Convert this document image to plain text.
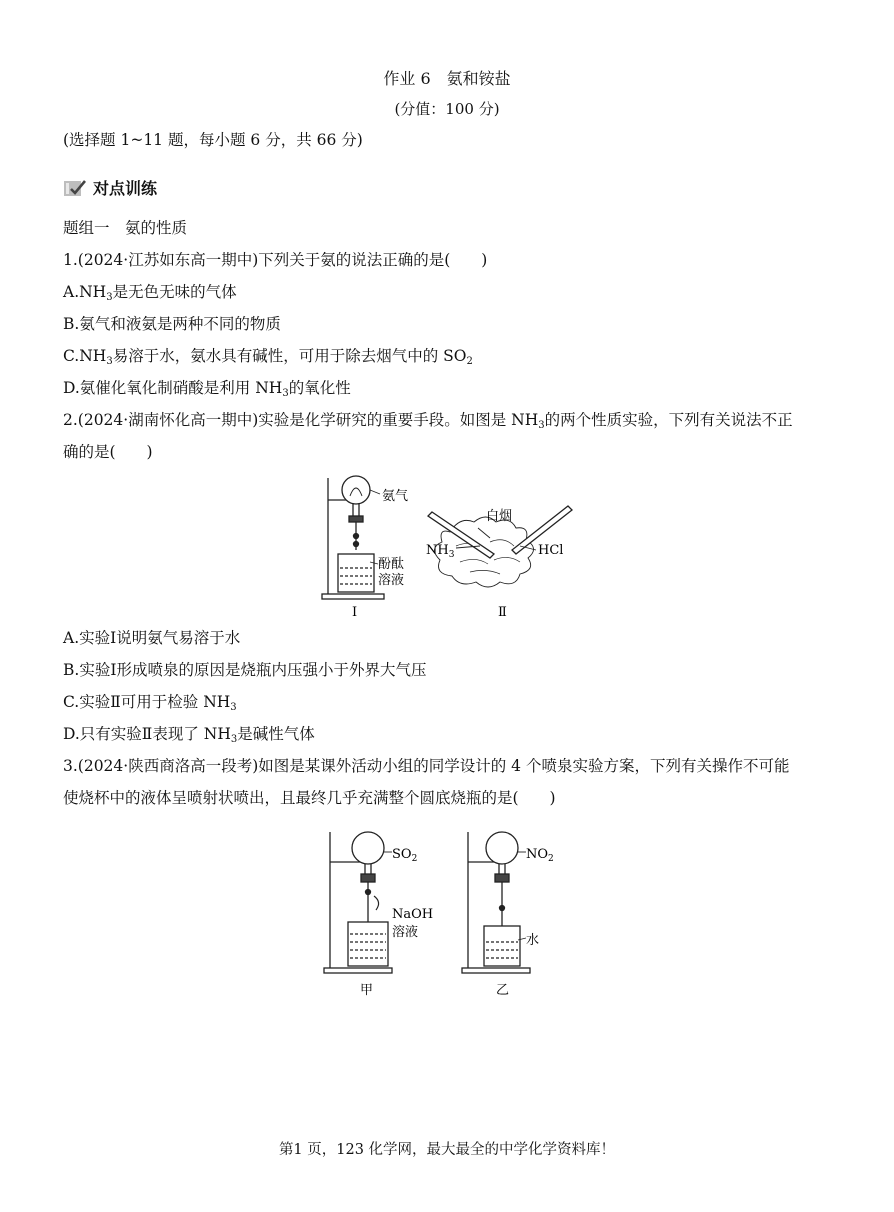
作业 6　氨和铵盐
(分值：100 分)
(选择题 1~11 题，每小题 6 分，共 66 分)
对点训练
题组一　氨的性质
1.(2024·江苏如东高一期中)下列关于氨的说法正确的是(　　)
$A.NH_3$是无色无味的气体
B.氨气和液氨是两种不同的物质
$C.NH_3$易溶于水，氨水具有碱性，可用于除去烟气中的 $SO_2$
D.氨催化氧化制硝酸是利用 $NH_3$的氧化性
2.(2024·湖南怀化高一期中)实验是化学研究的重要手段。如图是 $NH_3$的两个性质实验，下列有关说法不正
确的是(　　)
氨气
酚酞
溶液
Ⅰ
白烟
$NH_3$	HCl
Ⅱ
A.实验Ⅰ说明氨气易溶于水
B.实验Ⅰ形成喷泉的原因是烧瓶内压强小于外界大气压
C.实验Ⅱ可用于检验 $NH_3$
D.只有实验Ⅱ表现了 $NH_3$是碱性气体
3.(2024·陕西商洛高一段考)如图是某课外活动小组的同学设计的 4 个喷泉实验方案，下列有关操作不可能
使烧杯中的液体呈喷射状喷出，且最终几乎充满整个圆底烧瓶的是(　　)
$SO_2$
NaOH
溶液
甲
$NO_2$
水
乙
第1 页，123 化学网，最大最全的中学化学资料库！
